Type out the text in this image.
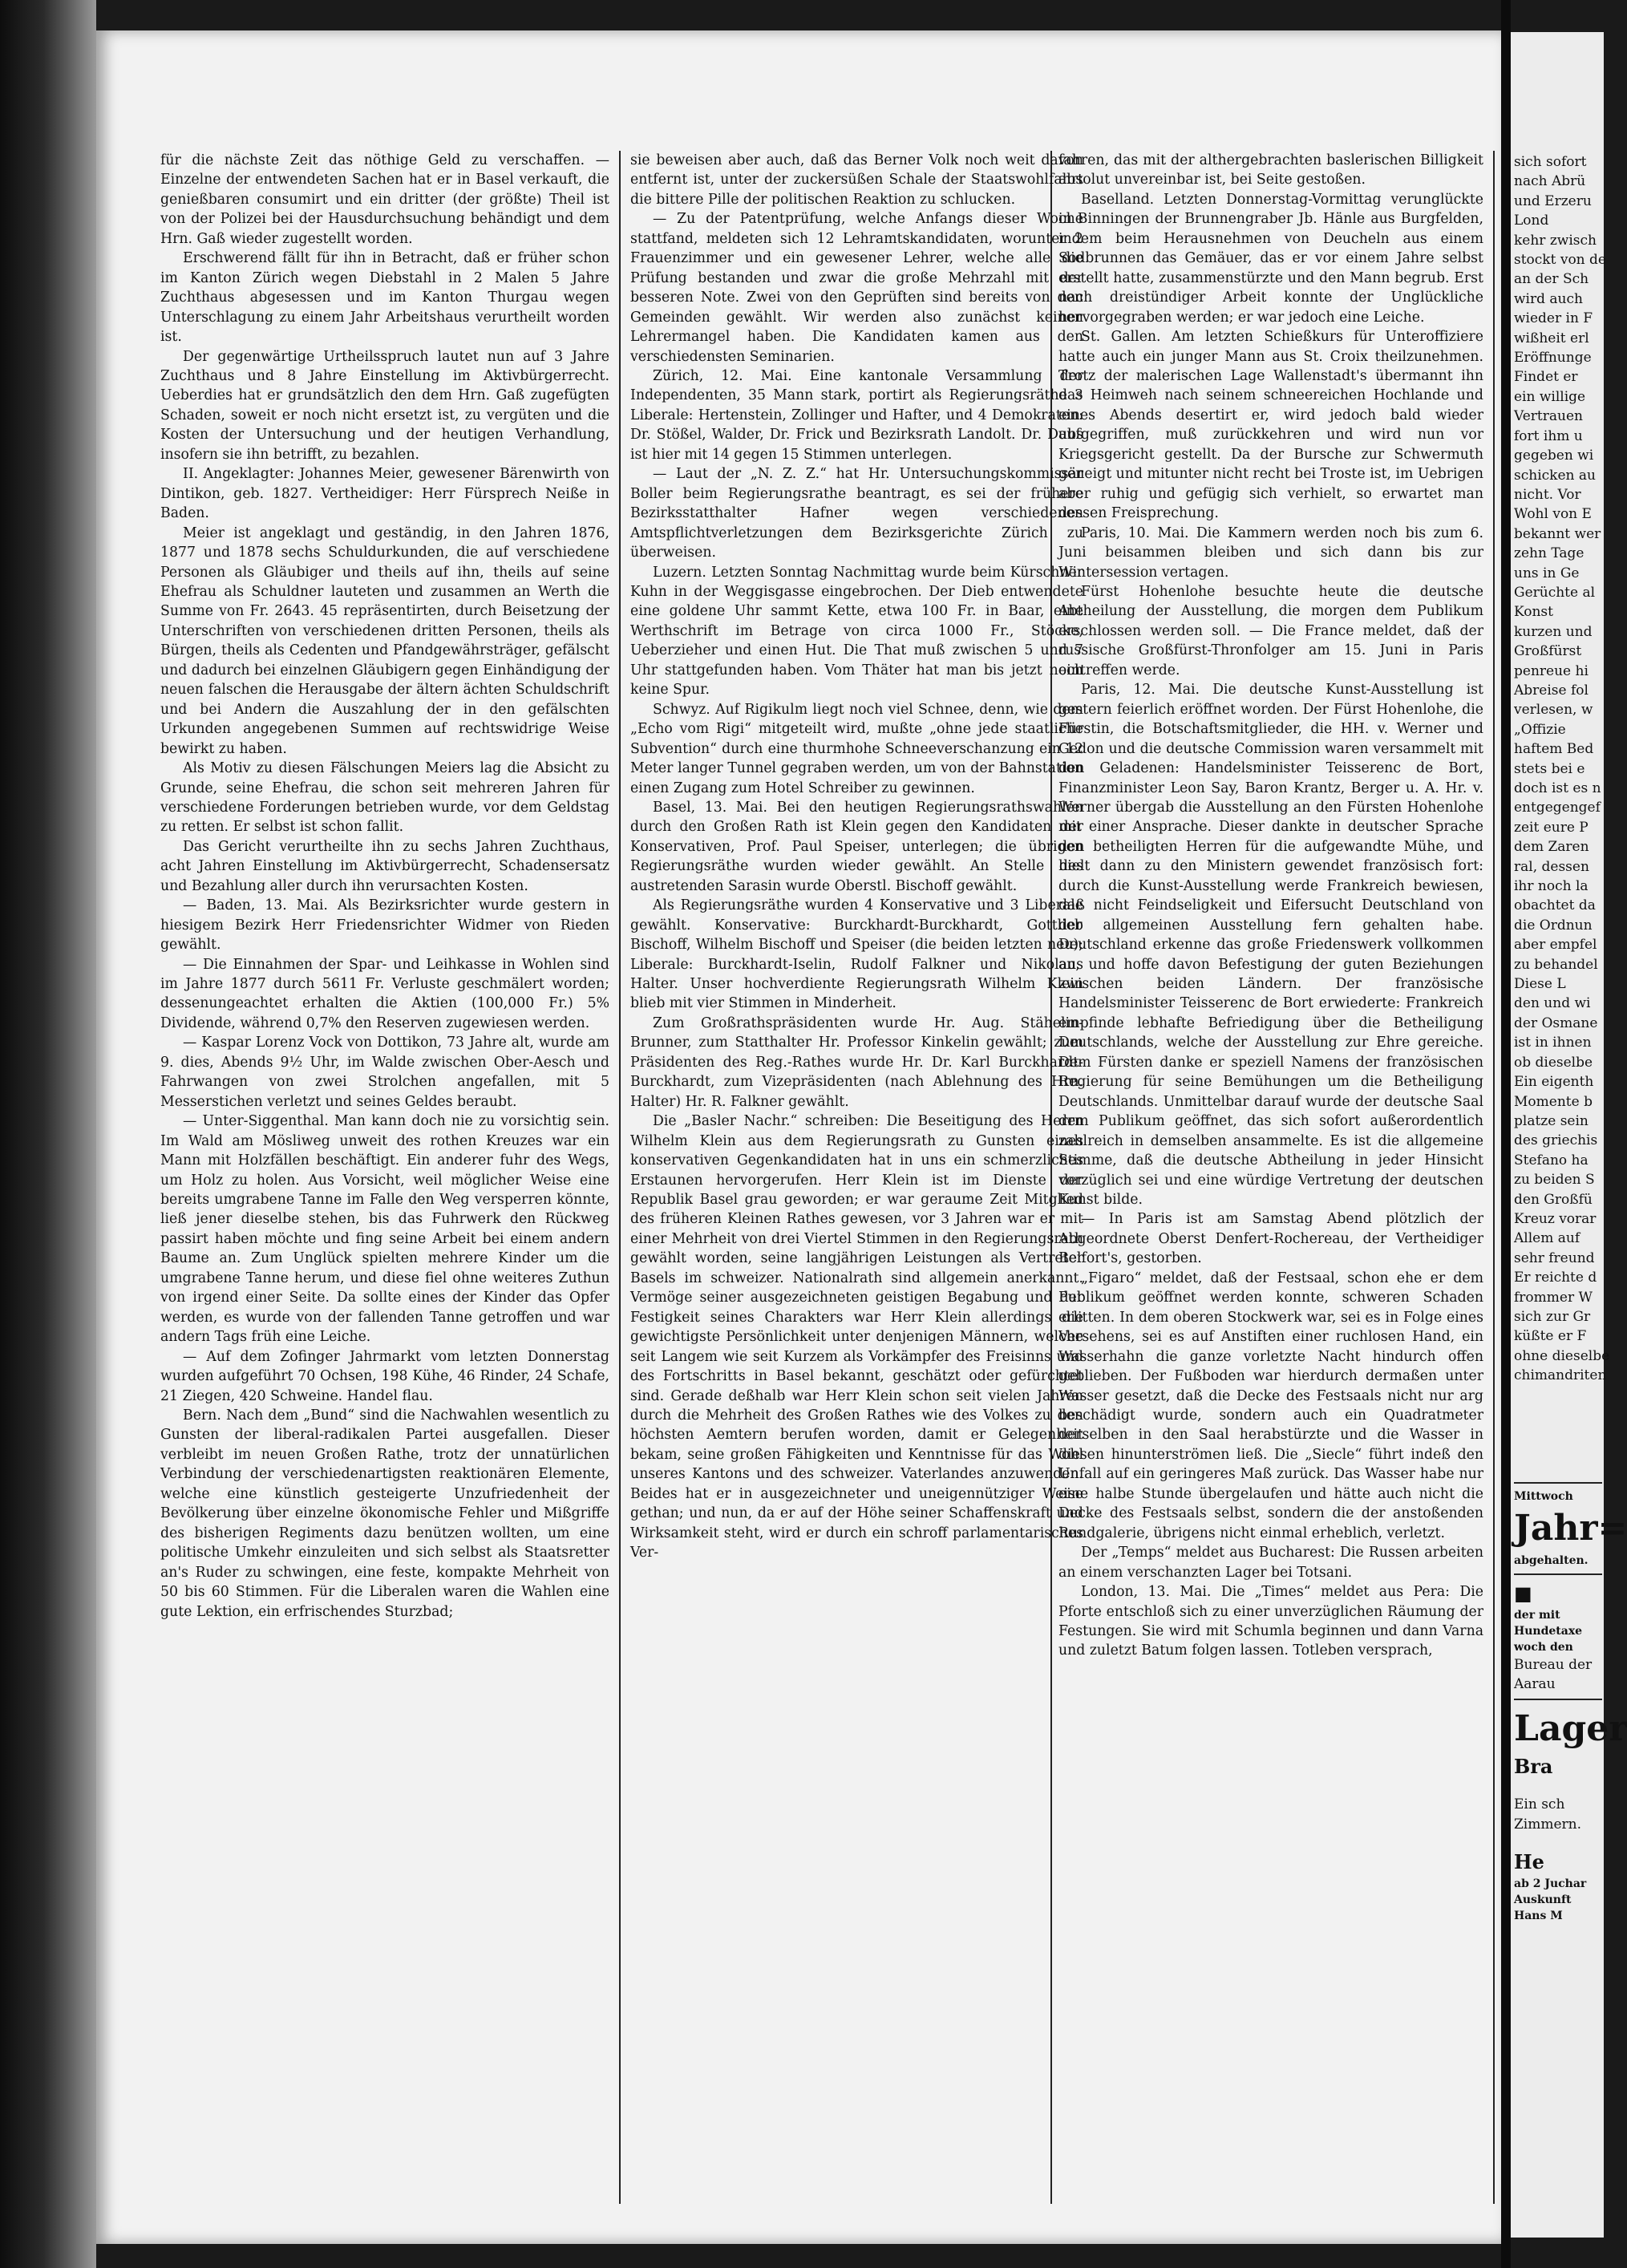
für die nächste Zeit das nöthige Geld zu verschaffen. — Einzelne der entwendeten Sachen hat er in Basel verkauft, die genießbaren consumirt und ein dritter (der größte) Theil ist von der Polizei bei der Hausdurchsuchung behändigt und dem Hrn. Gaß wieder zugestellt worden.

Erschwerend fällt für ihn in Betracht, daß er früher schon im Kanton Zürich wegen Diebstahl in 2 Malen 5 Jahre Zuchthaus abgesessen und im Kanton Thurgau wegen Unterschlagung zu einem Jahr Arbeitshaus verurtheilt worden ist.

Der gegenwärtige Urtheilsspruch lautet nun auf 3 Jahre Zuchthaus und 8 Jahre Einstellung im Aktivbürgerrecht. Ueberdies hat er grundsätzlich den dem Hrn. Gaß zugefügten Schaden, soweit er noch nicht ersetzt ist, zu vergüten und die Kosten der Untersuchung und der heutigen Verhandlung, insofern sie ihn betrifft, zu bezahlen.

II. Angeklagter: Johannes Meier, gewesener Bärenwirth von Dintikon, geb. 1827. Vertheidiger: Herr Fürsprech Neiße in Baden.

Meier ist angeklagt und geständig, in den Jahren 1876, 1877 und 1878 sechs Schuldurkunden, die auf verschiedene Personen als Gläubiger und theils auf ihn, theils auf seine Ehefrau als Schuldner lauteten und zusammen an Werth die Summe von Fr. 2643. 45 repräsentirten, durch Beisetzung der Unterschriften von verschiedenen dritten Personen, theils als Bürgen, theils als Cedenten und Pfandgewährsträger, gefälscht und dadurch bei einzelnen Gläubigern gegen Einhändigung der neuen falschen die Herausgabe der ältern ächten Schuldschrift und bei Andern die Auszahlung der in den gefälschten Urkunden angegebenen Summen auf rechtswidrige Weise bewirkt zu haben.

Als Motiv zu diesen Fälschungen Meiers lag die Absicht zu Grunde, seine Ehefrau, die schon seit mehreren Jahren für verschiedene Forderungen betrieben wurde, vor dem Geldstag zu retten. Er selbst ist schon fallit.

Das Gericht verurtheilte ihn zu sechs Jahren Zuchthaus, acht Jahren Einstellung im Aktivbürgerrecht, Schadensersatz und Bezahlung aller durch ihn verursachten Kosten.

— Baden, 13. Mai. Als Bezirksrichter wurde gestern in hiesigem Bezirk Herr Friedensrichter Widmer von Rieden gewählt.

— Die Einnahmen der Spar- und Leihkasse in Wohlen sind im Jahre 1877 durch 5611 Fr. Verluste geschmälert worden; dessenungeachtet erhalten die Aktien (100,000 Fr.) 5% Dividende, während 0,7% den Reserven zugewiesen werden.

— Kaspar Lorenz Vock von Dottikon, 73 Jahre alt, wurde am 9. dies, Abends 9½ Uhr, im Walde zwischen Ober-Aesch und Fahrwangen von zwei Strolchen angefallen, mit 5 Messerstichen verletzt und seines Geldes beraubt.

— Unter-Siggenthal. Man kann doch nie zu vorsichtig sein. Im Wald am Mösliweg unweit des rothen Kreuzes war ein Mann mit Holzfällen beschäftigt. Ein anderer fuhr des Wegs, um Holz zu holen. Aus Vorsicht, weil möglicher Weise eine bereits umgrabene Tanne im Falle den Weg versperren könnte, ließ jener dieselbe stehen, bis das Fuhrwerk den Rückweg passirt haben möchte und fing seine Arbeit bei einem andern Baume an. Zum Unglück spielten mehrere Kinder um die umgrabene Tanne herum, und diese fiel ohne weiteres Zuthun von irgend einer Seite. Da sollte eines der Kinder das Opfer werden, es wurde von der fallenden Tanne getroffen und war andern Tags früh eine Leiche.

— Auf dem Zofinger Jahrmarkt vom letzten Donnerstag wurden aufgeführt 70 Ochsen, 198 Kühe, 46 Rinder, 24 Schafe, 21 Ziegen, 420 Schweine. Handel flau.

Bern. Nach dem „Bund“ sind die Nachwahlen wesentlich zu Gunsten der liberal-radikalen Partei ausgefallen. Dieser verbleibt im neuen Großen Rathe, trotz der unnatürlichen Verbindung der verschiedenartigsten reaktionären Elemente, welche eine künstlich gesteigerte Unzufriedenheit der Bevölkerung über einzelne ökonomische Fehler und Mißgriffe des bisherigen Regiments dazu benützen wollten, um eine politische Umkehr einzuleiten und sich selbst als Staatsretter an's Ruder zu schwingen, eine feste, kompakte Mehrheit von 50 bis 60 Stimmen. Für die Liberalen waren die Wahlen eine gute Lektion, ein erfrischendes Sturzbad;

sie beweisen aber auch, daß das Berner Volk noch weit davon entfernt ist, unter der zuckersüßen Schale der Staatswohlfahrt die bittere Pille der politischen Reaktion zu schlucken.

— Zu der Patentprüfung, welche Anfangs dieser Woche stattfand, meldeten sich 12 Lehramtskandidaten, worunter 2 Frauenzimmer und ein gewesener Lehrer, welche alle die Prüfung bestanden und zwar die große Mehrzahl mit der besseren Note. Zwei von den Geprüften sind bereits von den Gemeinden gewählt. Wir werden also zunächst keinen Lehrermangel haben. Die Kandidaten kamen aus den verschiedensten Seminarien.

Zürich, 12. Mai. Eine kantonale Versammlung der Independenten, 35 Mann stark, portirt als Regierungsräthe 3 Liberale: Hertenstein, Zollinger und Hafter, und 4 Demokraten: Dr. Stößel, Walder, Dr. Frick und Bezirksrath Landolt. Dr. Dubs ist hier mit 14 gegen 15 Stimmen unterlegen.

— Laut der „N. Z. Z.“ hat Hr. Untersuchungskommissär Boller beim Regierungsrathe beantragt, es sei der frühere Bezirksstatthalter Hafner wegen verschiedenen Amtspflichtverletzungen dem Bezirksgerichte Zürich zu überweisen.

Luzern. Letzten Sonntag Nachmittag wurde beim Kürschner Kuhn in der Weggisgasse eingebrochen. Der Dieb entwendete eine goldene Uhr sammt Kette, etwa 100 Fr. in Baar, eine Werthschrift im Betrage von circa 1000 Fr., Stöcke, Ueberzieher und einen Hut. Die That muß zwischen 5 und 7 Uhr stattgefunden haben. Vom Thäter hat man bis jetzt noch keine Spur.

Schwyz. Auf Rigikulm liegt noch viel Schnee, denn, wie dem „Echo vom Rigi“ mitgeteilt wird, mußte „ohne jede staatliche Subvention“ durch eine thurmhohe Schneeverschanzung ein 12 Meter langer Tunnel gegraben werden, um von der Bahnstation einen Zugang zum Hotel Schreiber zu gewinnen.

Basel, 13. Mai. Bei den heutigen Regierungsrathswahlen durch den Großen Rath ist Klein gegen den Kandidaten der Konservativen, Prof. Paul Speiser, unterlegen; die übrigen Regierungsräthe wurden wieder gewählt. An Stelle des austretenden Sarasin wurde Oberstl. Bischoff gewählt.

Als Regierungsräthe wurden 4 Konservative und 3 Liberale gewählt. Konservative: Burckhardt-Burckhardt, Gottlieb Bischoff, Wilhelm Bischoff und Speiser (die beiden letzten neu); Liberale: Burckhardt-Iselin, Rudolf Falkner und Nikolaus Halter. Unser hochverdiente Regierungsrath Wilhelm Klein blieb mit vier Stimmen in Minderheit.

Zum Großrathspräsidenten wurde Hr. Aug. Stähelin-Brunner, zum Statthalter Hr. Professor Kinkelin gewählt; zum Präsidenten des Reg.-Rathes wurde Hr. Dr. Karl Burckhardt-Burckhardt, zum Vizepräsidenten (nach Ablehnung des Hrn. Halter) Hr. R. Falkner gewählt.

Die „Basler Nachr.“ schreiben: Die Beseitigung des Herrn Wilhelm Klein aus dem Regierungsrath zu Gunsten eines konservativen Gegenkandidaten hat in uns ein schmerzliches Erstaunen hervorgerufen. Herr Klein ist im Dienste der Republik Basel grau geworden; er war geraume Zeit Mitglied des früheren Kleinen Rathes gewesen, vor 3 Jahren war er mit einer Mehrheit von drei Viertel Stimmen in den Regierungsrath gewählt worden, seine langjährigen Leistungen als Vertreter Basels im schweizer. Nationalrath sind allgemein anerkannt. Vermöge seiner ausgezeichneten geistigen Begabung und der Festigkeit seines Charakters war Herr Klein allerdings die gewichtigste Persönlichkeit unter denjenigen Männern, welche seit Langem wie seit Kurzem als Vorkämpfer des Freisinns und des Fortschritts in Basel bekannt, geschätzt oder gefürchtet sind. Gerade deßhalb war Herr Klein schon seit vielen Jahren durch die Mehrheit des Großen Rathes wie des Volkes zu den höchsten Aemtern berufen worden, damit er Gelegenheit bekam, seine großen Fähigkeiten und Kenntnisse für das Wohl unseres Kantons und des schweizer. Vaterlandes anzuwenden. Beides hat er in ausgezeichneter und uneigennütziger Weise gethan; und nun, da er auf der Höhe seiner Schaffenskraft und Wirksamkeit steht, wird er durch ein schroff parlamentarisches Ver-

fahren, das mit der althergebrachten baslerischen Billigkeit absolut unvereinbar ist, bei Seite gestoßen.

Baselland. Letzten Donnerstag-Vormittag verunglückte in Binningen der Brunnengraber Jb. Hänle aus Burgfelden, indem beim Herausnehmen von Deucheln aus einem Sodbrunnen das Gemäuer, das er vor einem Jahre selbst erstellt hatte, zusammenstürzte und den Mann begrub. Erst nach dreistündiger Arbeit konnte der Unglückliche hervorgegraben werden; er war jedoch eine Leiche.

St. Gallen. Am letzten Schießkurs für Unteroffiziere hatte auch ein junger Mann aus St. Croix theilzunehmen. Trotz der malerischen Lage Wallenstadt's übermannt ihn das Heimweh nach seinem schneereichen Hochlande und eines Abends desertirt er, wird jedoch bald wieder aufgegriffen, muß zurückkehren und wird nun vor Kriegsgericht gestellt. Da der Bursche zur Schwermuth geneigt und mitunter nicht recht bei Troste ist, im Uebrigen aber ruhig und gefügig sich verhielt, so erwartet man dessen Freisprechung.

Paris, 10. Mai. Die Kammern werden noch bis zum 6. Juni beisammen bleiben und sich dann bis zur Wintersession vertagen.

Fürst Hohenlohe besuchte heute die deutsche Abtheilung der Ausstellung, die morgen dem Publikum erschlossen werden soll. — Die France meldet, daß der russische Großfürst-Thronfolger am 15. Juni in Paris eintreffen werde.

Paris, 12. Mai. Die deutsche Kunst-Ausstellung ist gestern feierlich eröffnet worden. Der Fürst Hohenlohe, die Fürstin, die Botschaftsmitglieder, die HH. v. Werner und Gedon und die deutsche Commission waren versammelt mit den Geladenen: Handelsminister Teisserenc de Bort, Finanzminister Leon Say, Baron Krantz, Berger u. A. Hr. v. Werner übergab die Ausstellung an den Fürsten Hohenlohe mit einer Ansprache. Dieser dankte in deutscher Sprache den betheiligten Herren für die aufgewandte Mühe, und hielt dann zu den Ministern gewendet französisch fort: durch die Kunst-Ausstellung werde Frankreich bewiesen, daß nicht Feindseligkeit und Eifersucht Deutschland von der allgemeinen Ausstellung fern gehalten habe. Deutschland erkenne das große Friedenswerk vollkommen an, und hoffe davon Befestigung der guten Beziehungen zwischen beiden Ländern. Der französische Handelsminister Teisserenc de Bort erwiederte: Frankreich empfinde lebhafte Befriedigung über die Betheiligung Deutschlands, welche der Ausstellung zur Ehre gereiche. Dem Fürsten danke er speziell Namens der französischen Regierung für seine Bemühungen um die Betheiligung Deutschlands. Unmittelbar darauf wurde der deutsche Saal dem Publikum geöffnet, das sich sofort außerordentlich zahlreich in demselben ansammelte. Es ist die allgemeine Stimme, daß die deutsche Abtheilung in jeder Hinsicht vorzüglich sei und eine würdige Vertretung der deutschen Kunst bilde.

— In Paris ist am Samstag Abend plötzlich der Abgeordnete Oberst Denfert-Rochereau, der Vertheidiger Belfort's, gestorben.

„Figaro“ meldet, daß der Festsaal, schon ehe er dem Publikum geöffnet werden konnte, schweren Schaden erlitten. In dem oberen Stockwerk war, sei es in Folge eines Versehens, sei es auf Anstiften einer ruchlosen Hand, ein Wasserhahn die ganze vorletzte Nacht hindurch offen geblieben. Der Fußboden war hierdurch dermaßen unter Wasser gesetzt, daß die Decke des Festsaals nicht nur arg beschädigt wurde, sondern auch ein Quadratmeter derselben in den Saal herabstürzte und die Wasser in diesen hinunterströmen ließ. Die „Siecle“ führt indeß den Unfall auf ein geringeres Maß zurück. Das Wasser habe nur eine halbe Stunde übergelaufen und hätte auch nicht die Decke des Festsaals selbst, sondern die der anstoßenden Rundgalerie, übrigens nicht einmal erheblich, verletzt.

Der „Temps“ meldet aus Bucharest: Die Russen arbeiten an einem verschanzten Lager bei Totsani.

London, 13. Mai. Die „Times“ meldet aus Pera: Die Pforte entschloß sich zu einer unverzüglichen Räumung der Festungen. Sie wird mit Schumla beginnen und dann Varna und zuletzt Batum folgen lassen. Totleben versprach,

sich sofort
nach Abrü
und Erzeru
Lond
kehr zwisch
stockt von de
an der Sch
wird auch
wieder in F
wißheit erl
Eröffnunge
Findet er
ein willige
Vertrauen
fort ihm u
gegeben wi
schicken au
nicht. Vor
Wohl von E
bekannt wer
zehn Tage
uns in Ge
Gerüchte al
Konst
kurzen und
Großfürst
penreue hi
Abreise fol
verlesen, w
„Offizie
haftem Bed
stets bei e
doch ist es n
entgegengef
zeit eure P
dem Zaren
ral, dessen
ihr noch la
obachtet da
die Ordnun
aber empfel
zu behandel
Diese L
den und wi
der Osmane
ist in ihnen
ob dieselbe
Ein eigenth
Momente b
platze sein
des griechis
Stefano ha
zu beiden S
den Großfü
Kreuz vorar
Allem auf
sehr freund
Er reichte d
frommer W
sich zur Gr
küßte er F
ohne dieselbe
chimandriten
Mittwoch
Jahr=
abgehalten.
■
der mit
Hundetaxe
woch den
Bureau der
Aarau
Lager
Bra
Ein sch
Zimmern.
He
ab 2 Juchar
Auskunft
Hans M
